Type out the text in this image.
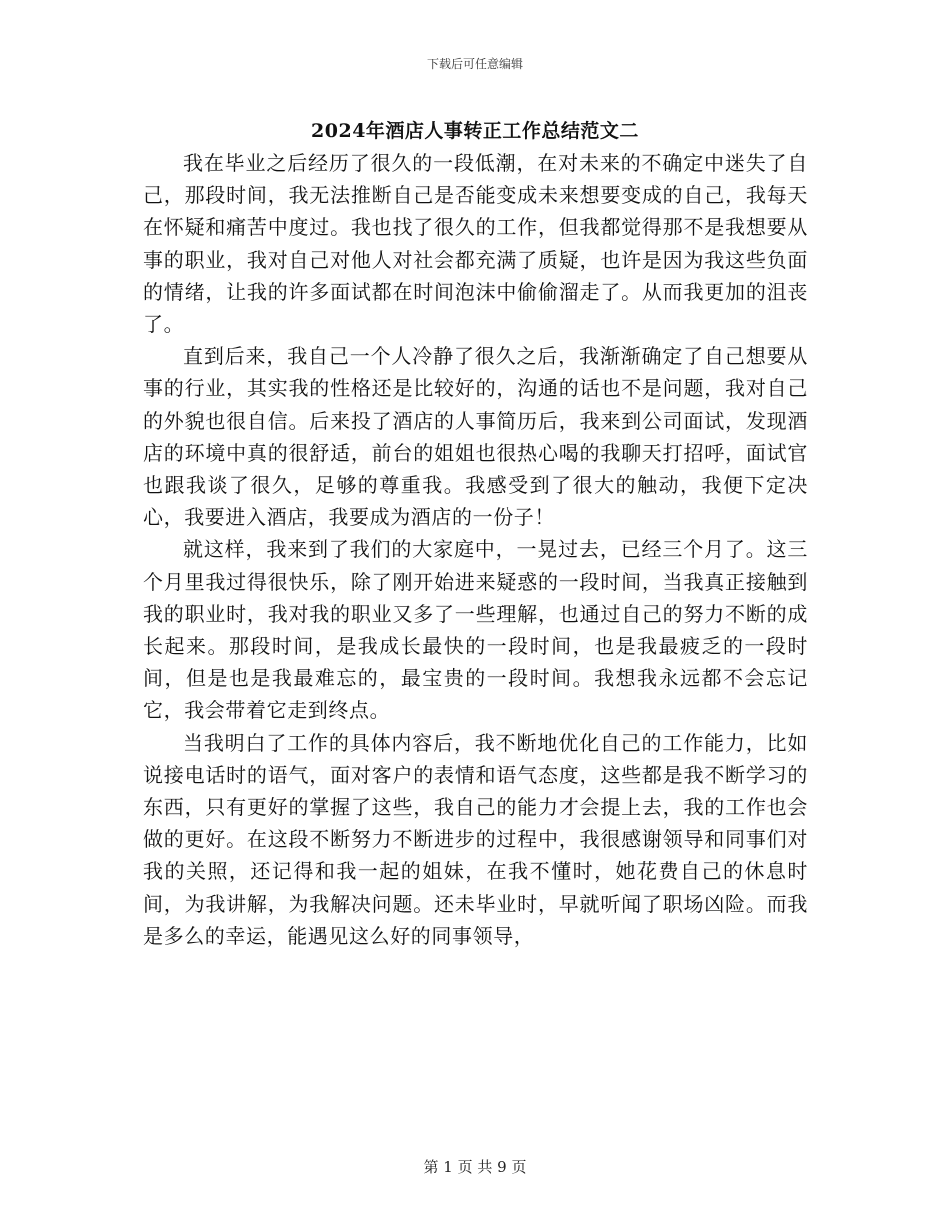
下载后可任意编辑
2024年酒店人事转正工作总结范文二

我在毕业之后经历了很久的一段低潮，在对未来的不确定中迷失了自己，那段时间，我无法推断自己是否能变成未来想要变成的自己，我每天在怀疑和痛苦中度过。我也找了很久的工作，但我都觉得那不是我想要从事的职业，我对自己对他人对社会都充满了质疑，也许是因为我这些负面的情绪，让我的许多面试都在时间泡沫中偷偷溜走了。从而我更加的沮丧了。

直到后来，我自己一个人冷静了很久之后，我渐渐确定了自己想要从事的行业，其实我的性格还是比较好的，沟通的话也不是问题，我对自己的外貌也很自信。后来投了酒店的人事简历后，我来到公司面试，发现酒店的环境中真的很舒适，前台的姐姐也很热心喝的我聊天打招呼，面试官也跟我谈了很久，足够的尊重我。我感受到了很大的触动，我便下定决心，我要进入酒店，我要成为酒店的一份子！

就这样，我来到了我们的大家庭中，一晃过去，已经三个月了。这三个月里我过得很快乐，除了刚开始进来疑惑的一段时间，当我真正接触到我的职业时，我对我的职业又多了一些理解，也通过自己的努力不断的成长起来。那段时间，是我成长最快的一段时间，也是我最疲乏的一段时间，但是也是我最难忘的，最宝贵的一段时间。我想我永远都不会忘记它，我会带着它走到终点。

当我明白了工作的具体内容后，我不断地优化自己的工作能力，比如说接电话时的语气，面对客户的表情和语气态度，这些都是我不断学习的东西，只有更好的掌握了这些，我自己的能力才会提上去，我的工作也会做的更好。在这段不断努力不断进步的过程中，我很感谢领导和同事们对我的关照，还记得和我一起的姐妹，在我不懂时，她花费自己的休息时间，为我讲解，为我解决问题。还未毕业时，早就听闻了职场凶险。而我是多么的幸运，能遇见这么好的同事领导，

第 1 页 共 9 页
